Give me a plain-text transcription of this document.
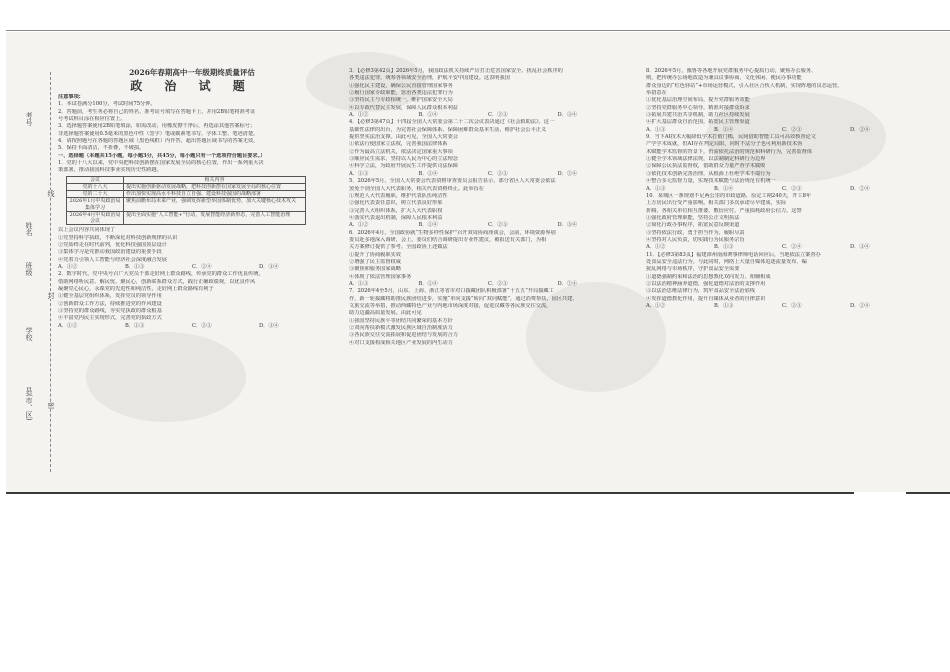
考号
姓名
班级
学校
县(市、区)
线
封
密
2026年春期高中一年级期终质量评估
政 治 试 题

注意事项:

1．本试卷满分100分，考试时间75分钟。

2．答题前，考生务必将自己的姓名、准考证号填写在答题卡上，并用2B铅笔将准考证

号考试科目涂在相应位置上。

3．选择题答案使用2B铅笔填涂，如需改动，用橡皮擦干净后，再选涂其他答案标号；

非选择题答案使用0.5毫米的黑色中性（签字）笔或碳素笔书写，字体工整、笔迹清楚。

4．请按照题号在各题的答题区域（黑色线框）内作答，超出答题区域书写的答案无效。

5．保持卡面清洁，不折叠，不破损。

一、选择题（本题共15小题，每小题3分，共45分，每小题只有一个选项符合题目要求。）

1．党的十八大以来，党中央把科技创新摆在国家发展全局的核心位置，作出一系列重大决

策部署，推动我国科技事业实现历史性跨越。

会议	相关内容
党的十八大	提出实施创新驱动发展战略，把科技创新摆在国家发展全局的核心位置
党的二十大	作出加快实现高水平科技自立自强、建设科技强国的战略部署
2026年1月中央政治局集体学习	聚焦前瞻布局未来产业，强调发挥新型举国体制优势，加大关键核心技术攻关
2026年4月中央政治局会议	提出全面实施“人工智能+”行动，发展智能经济新形态，完善人工智能治理

以上会议内容共同体现了

①党坚持科学执政，不断深化对科技创新规律的认识

②党始终走在时代前列，优化科技强国顶层设计

③集体学习是党推动我国政治建设的重要手段

④党着力引领人工智能与经济社会深度融合发展

A．①②	B．①③	C．②④	D．③④

2．数字时代，党中央号召广大党员干部走好网上群众路线，传承党的群众工作优良传统，

借助网络听民意、解民忧、聚民心，创新联系群众方式，践行正确政绩观，以优良作风

凝聚党心民心，永葆党的先进性和纯洁性，走好网上群众路线有利于

①健全基层党组织体系，发挥党员的领导作用

②创新群众工作方法，持续推进党的作风建设

③坚持党的群众路线，夯实党执政的群众根基

④丰富党内民主实现形式，完善党的执政方式

A．①②	B．①③	C．②③	D．③④

3．【必修3第42页】2026年5月，我国政法机关持续严厉打击危害国家安全、扰乱社会秩序的

各类违法犯罪，统筹各领域安全治理，护航平安中国建设。这表明我国

①强化民主建设，确保公民直接管理国家事务

②履行国家专政职能，惩治各类违法犯罪行为

③坚持民主与专政相统一，维护国家安全大局

④以专政代替民主发展，保障人民群众根本利益

A．①②	B．①④	C．②③	D．③④

4．【必修3第47页】十四届全国人大常委会第二十二次会议表决通过《社会救助法》，这一

基础性法律的出台，为完善社会保障体系、保障困难群众基本生活，维护社会公平正义

提供坚实法治支撑。由此可见，全国人大常委会

①依法行使国家立法权，完善我国法律体系

②作为最高立法机关，依法决定国家重大事项

③顺应民生需求，坚持以人民为中心的立法理念

④科学立法，为政府开展民生工作提供司法保障

A．①③	B．①④	C．②③	D．②④

5．2026年5月，全国人大常委会代表资格审查委员会报告显示，部分省区人大常委会依法

罢免个别全国人大代表职务，相关代表资格终止。此举旨在

①规范人大代表履职，维护代表队伍纯洁性

②强化代表责任意识，树立代表良好形象

③完善人大组织体系，扩大人大代表职权

④落实代表退出机制，保障人民根本利益

A．①②	B．①④	C．②③	D．③④

6．2026年4月，全国政协就“生物多样性保护”召开双周协商座谈会，会前，环境资源界别

委员赴多地深入调研，会上，委员们结合调研提出专业性建议，被报送有关部门，为相

关方案修订提供了参考。全国政协上述做法

①提升了协商履职实效

②增强了民主监督权威

③聚焦和服务国家战略

④体现了依法管理国家事务

A．①③	B．①④	C．②③	D．②④

7．2026年4至5月，山东、上海、浙江等省市对口援藏团队积极部署“十五五”开局援藏工

作，新一轮援藏将助推民族团结进步，实施“单向支援”转向“双向赋能”，通过消费帮扶、园区共建、

文旅交流等举措，推动西藏特色产业与内地市场深度对接，促进汉藏等各民族交往交流，

助力边疆高质量发展。由此可见

①我国坚持民族平等团结共同繁荣的基本方针

②双向帮扶新模式激发民族区域自治制度活力

③各民族交往交流拓展和促进团结与发展的合力

④对口支援构成相关地区产业发展的内生动力

8．2026年5月，豫鲁等各地开展党群服务中心提质行动，聚焦办公服务、

则，把传统办公场地改造为兼具议事协商、文化休闲、便民办事功能

群众身边的“红色驿站”+市场运营模式，引入社区合伙人机制，实现阵地的良态运营。

举措意在

①优化基层治理空间布局，提升党群服务效能

②坚持党群服务中心领导，精准对接群众诉求

③拓展共建共治共享机制，助力社区持续发展

④扩大基层群众自治范围，拓宽民主管理渠道

A．①③	B．①④	C．②③	D．②④

9．当下AI技术大幅降低学术打假门槛，民间借助智能工具可高效核查论文

产学学术成就，但AI存在判定局限，同时不法分子也可利用新技术伪

术赋能学术监督的背景下，仍需依托法治的规范和科研行为，完善监督体

①健全学术领域法律法规，以法制制定科研行为边界

②保障公民执法监督权，借助群众力量严查学术腐败

③依托技术创新完善治理，从根源上杜绝学术不端行为

④整合多元监督力量，实现技术赋能与法治规范有机统一

A．①③	B．①④	C．②③	D．②④

10．某城区一条规划不足两公里的市政道路，原定工期240天，开工8年

上万居民出行受严重影响。相关部门多次承诺尽早建成，实际

折腾，各相关单位相互推诿、敷衍应付，严重损耗政府公信力。这警

①强化政府管理职能，坚持公正文明执法

②简化行政办事程序，拓宽民意反映渠道

③坚持依法行政，勇于担当作为，履职尽责

④坚持对人民负责，切实践行为民服务宗旨

A．①②	B．①③	C．②④	D．③④

11．【必修3第83页】福建漳州南海赛事律师电话回应后，当地依法立案查办

处食品安全违法行为。与此同时，网络上大量自媒体追逐流量发布、编

扰乱网络与市场秩序，守护食品安全需要

①道德强制约束和法治的思想教化双向发力、相辅相成

②以法治精神涵养道德，强化道德对法治的支撑作用

③以法治思维法律行为，筑牢食品安全法治底线

④发挥道德教化作用，提升自媒体从业者的自律意识

A．①②	B．①③	C．②③	D．②④
